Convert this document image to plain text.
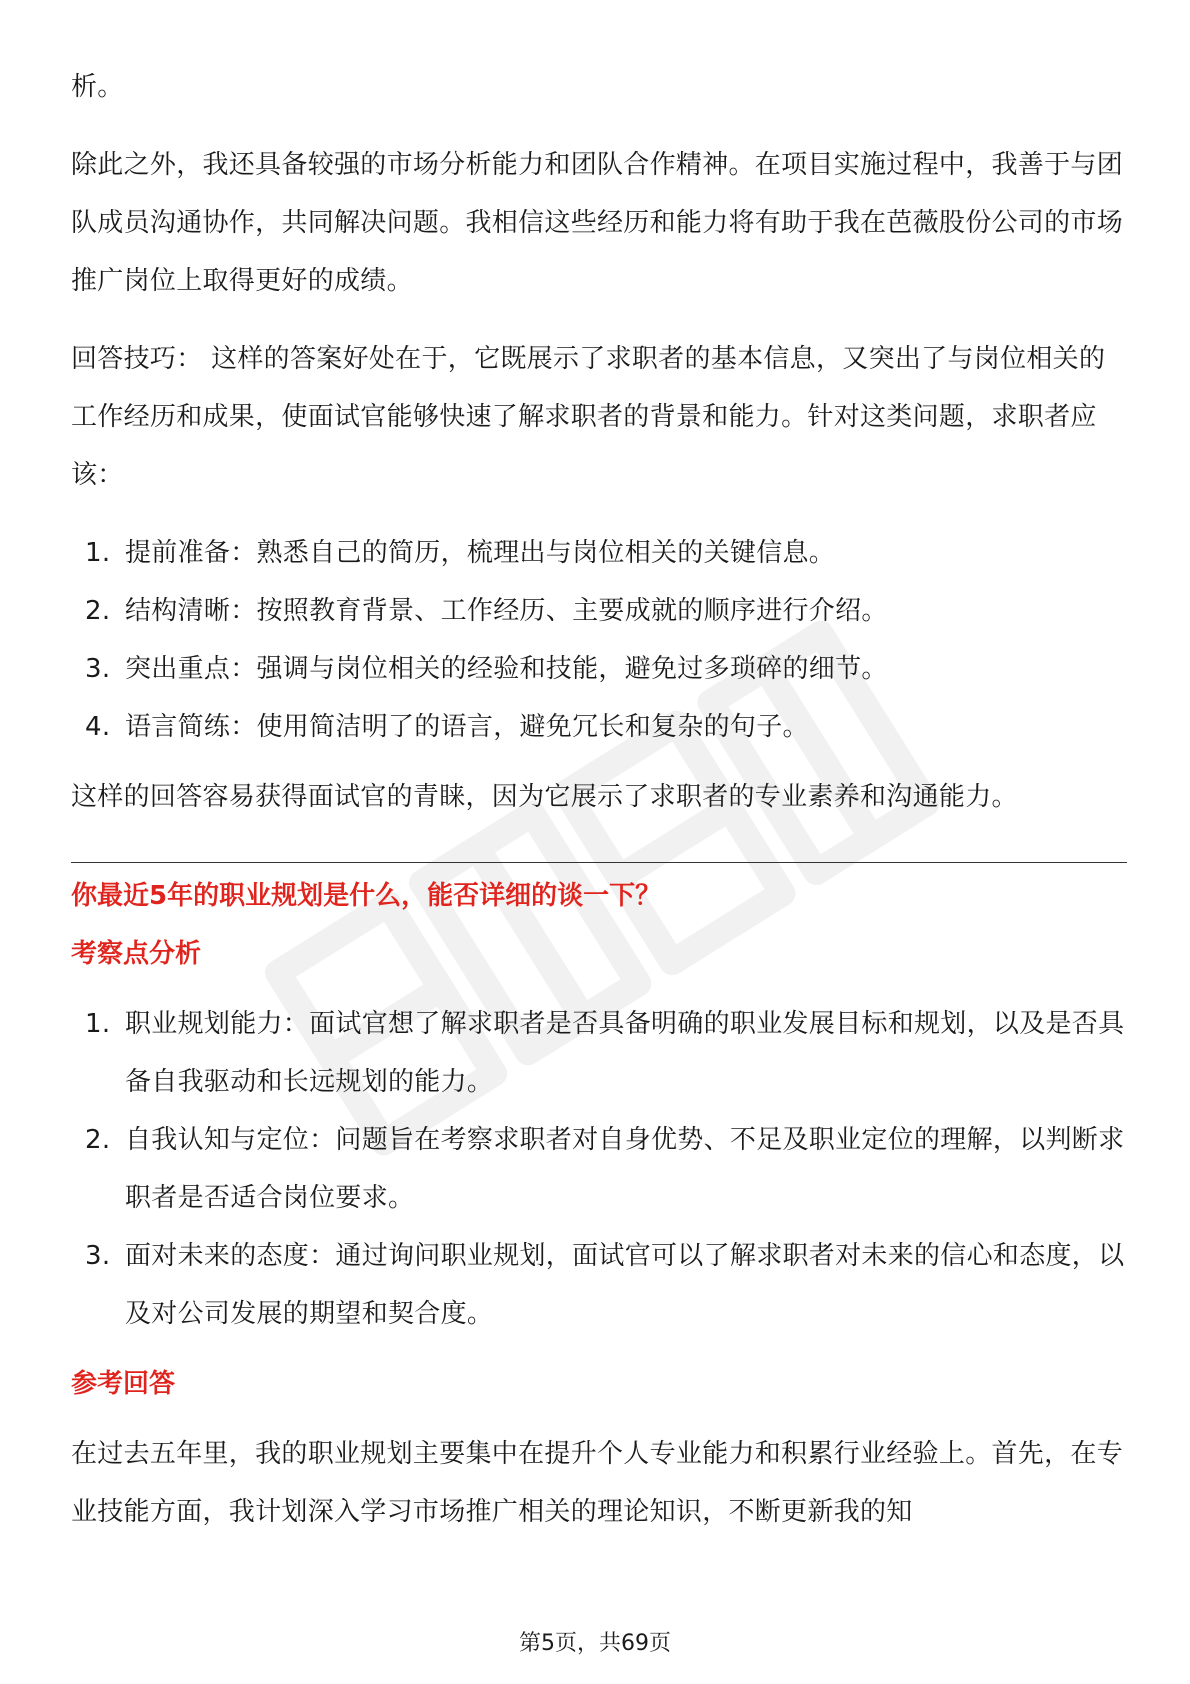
析。

除此之外，我还具备较强的市场分析能力和团队合作精神。在项目实施过程中，我善于与团队成员沟通协作，共同解决问题。我相信这些经历和能力将有助于我在芭薇股份公司的市场推广岗位上取得更好的成绩。

回答技巧： 这样的答案好处在于，它既展示了求职者的基本信息，又突出了与岗位相关的工作经历和成果，使面试官能够快速了解求职者的背景和能力。针对这类问题，求职者应该：

1. 提前准备：熟悉自己的简历，梳理出与岗位相关的关键信息。
2. 结构清晰：按照教育背景、工作经历、主要成就的顺序进行介绍。
3. 突出重点：强调与岗位相关的经验和技能，避免过多琐碎的细节。
4. 语言简练：使用简洁明了的语言，避免冗长和复杂的句子。

这样的回答容易获得面试官的青睐，因为它展示了求职者的专业素养和沟通能力。

你最近5年的职业规划是什么，能否详细的谈一下？

考察点分析

1. 职业规划能力：面试官想了解求职者是否具备明确的职业发展目标和规划，以及是否具备自我驱动和长远规划的能力。
2. 自我认知与定位：问题旨在考察求职者对自身优势、不足及职业定位的理解，以判断求职者是否适合岗位要求。
3. 面对未来的态度：通过询问职业规划，面试官可以了解求职者对未来的信心和态度，以及对公司发展的期望和契合度。

参考回答

在过去五年里，我的职业规划主要集中在提升个人专业能力和积累行业经验上。首先，在专业技能方面，我计划深入学习市场推广相关的理论知识，不断更新我的知

第5页，共69页
